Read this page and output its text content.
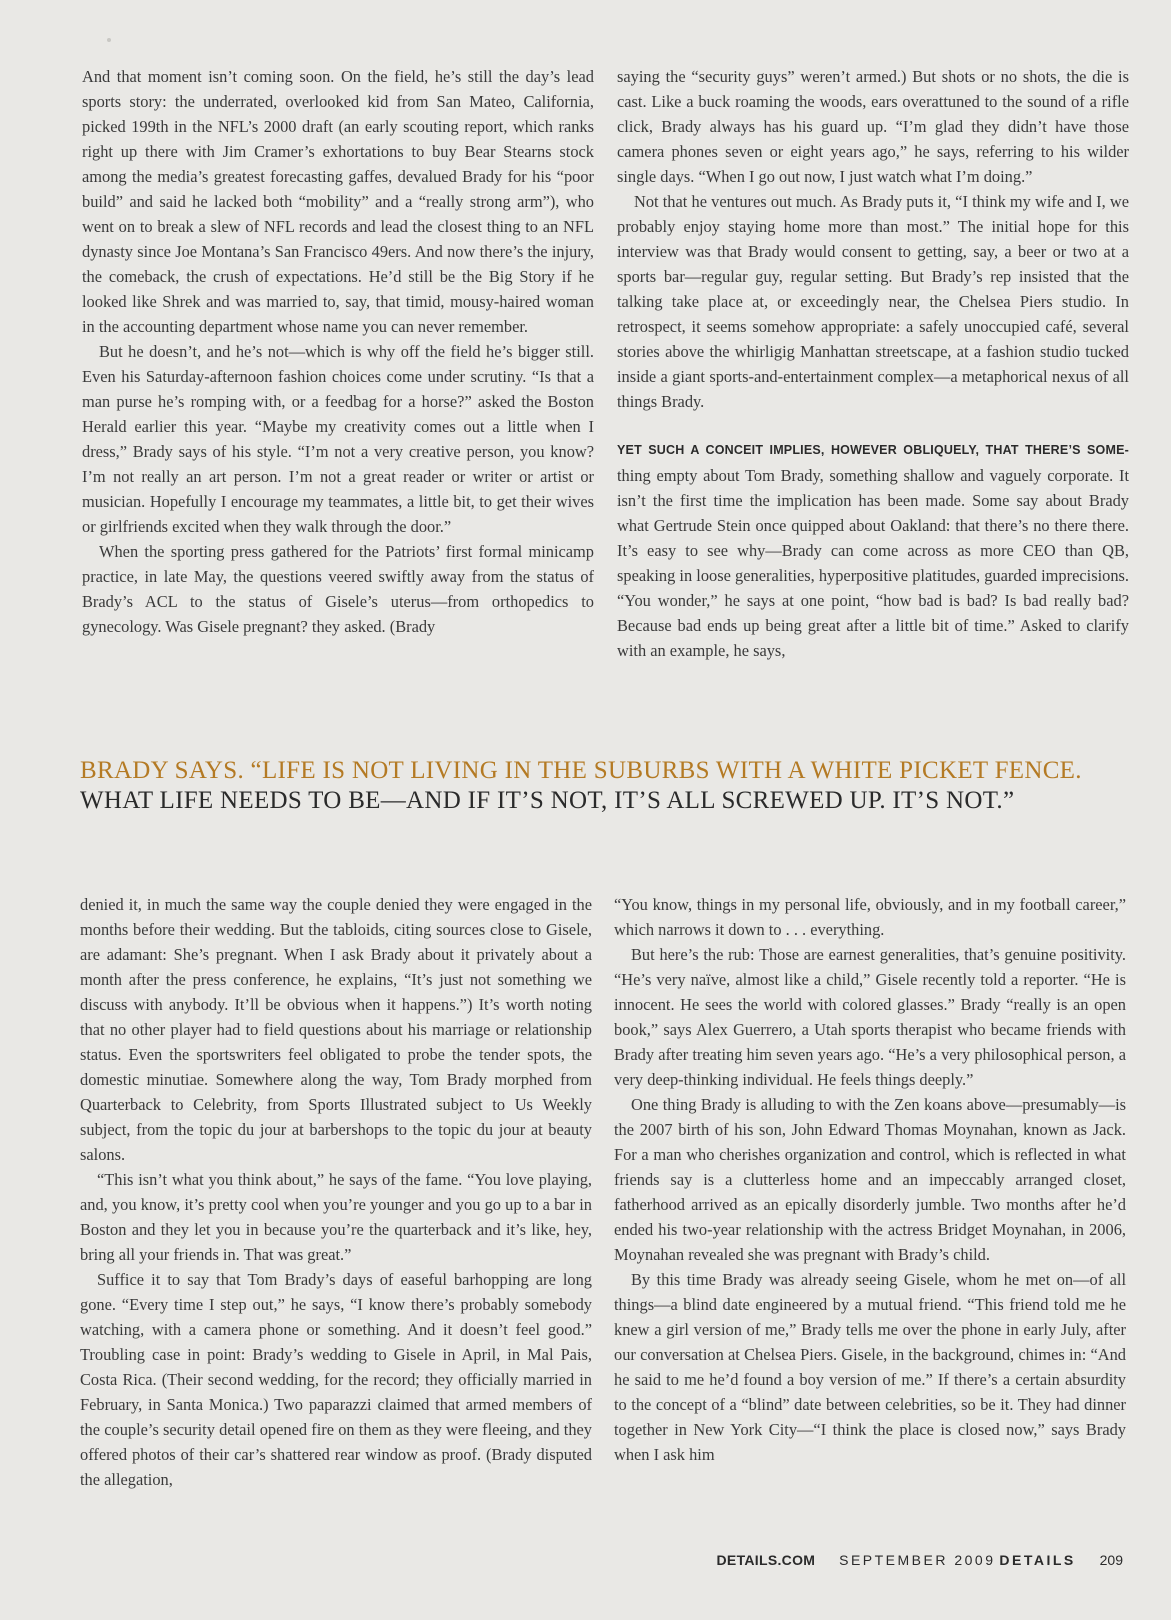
And that moment isn’t coming soon. On the field, he’s still the day’s lead sports story: the underrated, overlooked kid from San Mateo, California, picked 199th in the NFL’s 2000 draft (an early scouting report, which ranks right up there with Jim Cramer’s exhortations to buy Bear Stearns stock among the media’s greatest forecasting gaffes, devalued Brady for his “poor build” and said he lacked both “mobility” and a “really strong arm”), who went on to break a slew of NFL records and lead the closest thing to an NFL dynasty since Joe Montana’s San Francisco 49ers. And now there’s the injury, the comeback, the crush of expectations. He’d still be the Big Story if he looked like Shrek and was married to, say, that timid, mousy-haired woman in the accounting department whose name you can never remember.

But he doesn’t, and he’s not—which is why off the field he’s bigger still. Even his Saturday-afternoon fashion choices come under scrutiny. “Is that a man purse he’s romping with, or a feedbag for a horse?” asked the Boston Herald earlier this year. “Maybe my creativity comes out a little when I dress,” Brady says of his style. “I’m not a very creative person, you know? I’m not really an art person. I’m not a great reader or writer or artist or musician. Hopefully I encourage my teammates, a little bit, to get their wives or girlfriends excited when they walk through the door.”

When the sporting press gathered for the Patriots’ first formal minicamp practice, in late May, the questions veered swiftly away from the status of Brady’s ACL to the status of Gisele’s uterus—from orthopedics to gynecology. Was Gisele pregnant? they asked. (Brady

saying the “security guys” weren’t armed.) But shots or no shots, the die is cast. Like a buck roaming the woods, ears overattuned to the sound of a rifle click, Brady always has his guard up. “I’m glad they didn’t have those camera phones seven or eight years ago,” he says, referring to his wilder single days. “When I go out now, I just watch what I’m doing.”

Not that he ventures out much. As Brady puts it, “I think my wife and I, we probably enjoy staying home more than most.” The initial hope for this interview was that Brady would consent to getting, say, a beer or two at a sports bar—regular guy, regular setting. But Brady’s rep insisted that the talking take place at, or exceedingly near, the Chelsea Piers studio. In retrospect, it seems somehow appropriate: a safely unoccupied café, several stories above the whirligig Manhattan streetscape, at a fashion studio tucked inside a giant sports-and-entertainment complex—a metaphorical nexus of all things Brady.

YET SUCH A CONCEIT IMPLIES, HOWEVER OBLIQUELY, THAT THERE’S SOME- thing empty about Tom Brady, something shallow and vaguely corporate. It isn’t the first time the implication has been made. Some say about Brady what Gertrude Stein once quipped about Oakland: that there’s no there there. It’s easy to see why—Brady can come across as more CEO than QB, speaking in loose generalities, hyperpositive platitudes, guarded imprecisions. “You wonder,” he says at one point, “how bad is bad? Is bad really bad? Because bad ends up being great after a little bit of time.” Asked to clarify with an example, he says,

BRADY SAYS. “LIFE IS NOT LIVING IN THE SUBURBS WITH A WHITE PICKET FENCE.
WHAT LIFE NEEDS TO BE—AND IF IT’S NOT, IT’S ALL SCREWED UP. IT’S NOT.”

denied it, in much the same way the couple denied they were engaged in the months before their wedding. But the tabloids, citing sources close to Gisele, are adamant: She’s pregnant. When I ask Brady about it privately about a month after the press conference, he explains, “It’s just not something we discuss with anybody. It’ll be obvious when it happens.”) It’s worth noting that no other player had to field questions about his marriage or relationship status. Even the sportswriters feel obligated to probe the tender spots, the domestic minutiae. Somewhere along the way, Tom Brady morphed from Quarterback to Celebrity, from Sports Illustrated subject to Us Weekly subject, from the topic du jour at barbershops to the topic du jour at beauty salons.

“This isn’t what you think about,” he says of the fame. “You love playing, and, you know, it’s pretty cool when you’re younger and you go up to a bar in Boston and they let you in because you’re the quarterback and it’s like, hey, bring all your friends in. That was great.”

Suffice it to say that Tom Brady’s days of easeful barhopping are long gone. “Every time I step out,” he says, “I know there’s probably somebody watching, with a camera phone or something. And it doesn’t feel good.” Troubling case in point: Brady’s wedding to Gisele in April, in Mal Pais, Costa Rica. (Their second wedding, for the record; they officially married in February, in Santa Monica.) Two paparazzi claimed that armed members of the couple’s security detail opened fire on them as they were fleeing, and they offered photos of their car’s shattered rear window as proof. (Brady disputed the allegation,

“You know, things in my personal life, obviously, and in my football career,” which narrows it down to . . . everything.

But here’s the rub: Those are earnest generalities, that’s genuine positivity. “He’s very naïve, almost like a child,” Gisele recently told a reporter. “He is innocent. He sees the world with colored glasses.” Brady “really is an open book,” says Alex Guerrero, a Utah sports therapist who became friends with Brady after treating him seven years ago. “He’s a very philosophical person, a very deep-thinking individual. He feels things deeply.”

One thing Brady is alluding to with the Zen koans above—presumably—is the 2007 birth of his son, John Edward Thomas Moynahan, known as Jack. For a man who cherishes organization and control, which is reflected in what friends say is a clutterless home and an impeccably arranged closet, fatherhood arrived as an epically disorderly jumble. Two months after he’d ended his two-year relationship with the actress Bridget Moynahan, in 2006, Moynahan revealed she was pregnant with Brady’s child.

By this time Brady was already seeing Gisele, whom he met on—of all things—a blind date engineered by a mutual friend. “This friend told me he knew a girl version of me,” Brady tells me over the phone in early July, after our conversation at Chelsea Piers. Gisele, in the background, chimes in: “And he said to me he’d found a boy version of me.” If there’s a certain absurdity to the concept of a “blind” date between celebrities, so be it. They had dinner together in New York City—“I think the place is closed now,” says Brady when I ask him

DETAILS.COM SEPTEMBER 2009 DETAILS 209
